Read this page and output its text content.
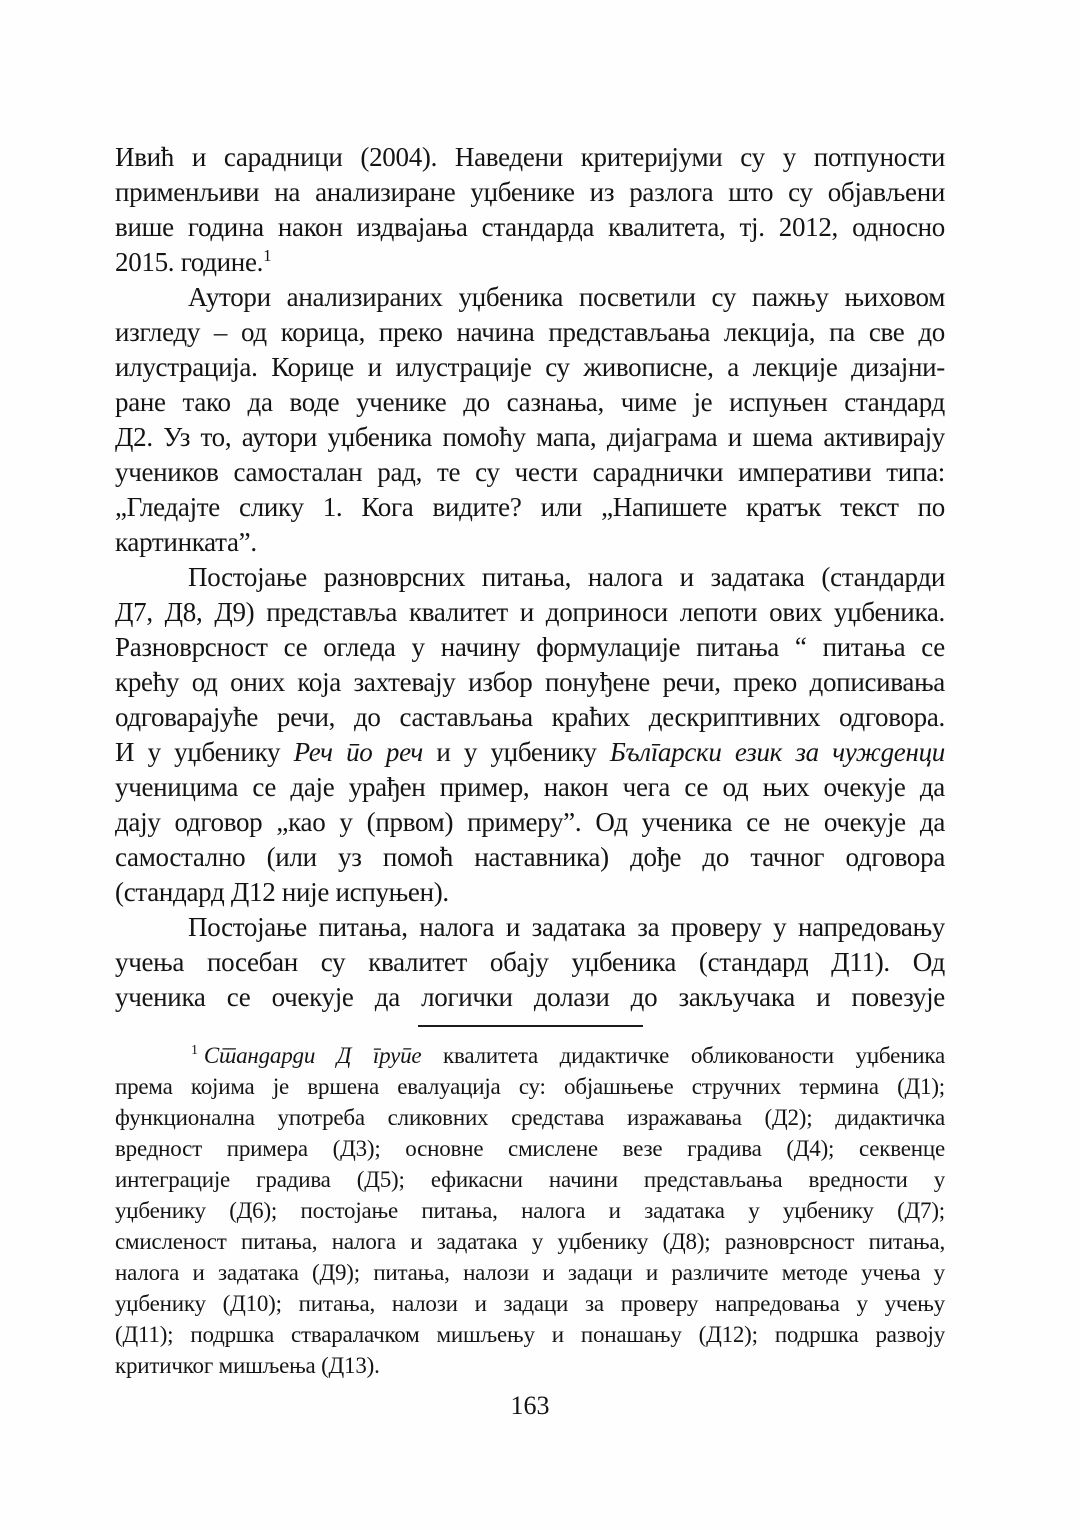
Ивић и сарадници (2004). Наведени критеријуми су у потпуности
применљиви на анализиране уџбенике из разлога што су објављени
више година након издвајања стандарда квалитета, тј. 2012, односно
2015. године.$^1$
Аутори анализираних уџбеника посветили су пажњу њиховом
изгледу – од корица, преко начина представљања лекција, па све до
илустрација. Корице и илустрације су живописне, а лекције дизајни-
ране тако да воде ученике до сазнања, чиме је испуњен стандард
Д2. Уз то, аутори уџбеника помоћу мапа, дијаграма и шема активирају
учеников самосталан рад, те су чести сараднички императиви типа:
„Гледајте слику 1. Кога видите? или „Напишете кратък текст по
картинката”.
Постојање разноврсних питања, налога и задатака (стандарди
Д7, Д8, Д9) представља квалитет и доприноси лепоти ових уџбеника.
Разноврсност се огледа у начину формулације питања “ питања се
крећу од оних која захтевају избор понуђене речи, преко дописивања
одговарајуће речи, до састављања краћих дескриптивних одговора.
И у уџбенику Реч по реч и у уџбенику Български език за чужденци
ученицима се даје урађен пример, након чега се од њих очекује да
дају одговор „као у (првом) примеру”. Од ученика се не очекује да
самостално (или уз помоћ наставника) дође до тачног одговора
(стандард Д12 није испуњен).
Постојање питања, налога и задатака за проверу у напредовању
учења посебан су квалитет обају уџбеника (стандард Д11). Од
ученика се очекује да логички долази до закључака и повезује
$^1$ Стандарди Д групе квалитета дидактичке обликованости уџбеника
према којима је вршена евалуација су: објашњење стручних термина (Д1);
функционална употреба сликовних средстава изражавања (Д2); дидактичка
вредност примера (Д3); основне смислене везе градива (Д4); секвенце
интеграције градива (Д5); ефикасни начини представљања вредности у
уџбенику (Д6); постојање питања, налога и задатака у уџбенику (Д7);
смисленост питања, налога и задатака у уџбенику (Д8); разноврсност питања,
налога и задатака (Д9); питања, налози и задаци и различите методе учења у
уџбенику (Д10); питања, налози и задаци за проверу напредовања у учењу
(Д11); подршка стваралачком мишљењу и понашању (Д12); подршка развоју
критичког мишљења (Д13).
163
